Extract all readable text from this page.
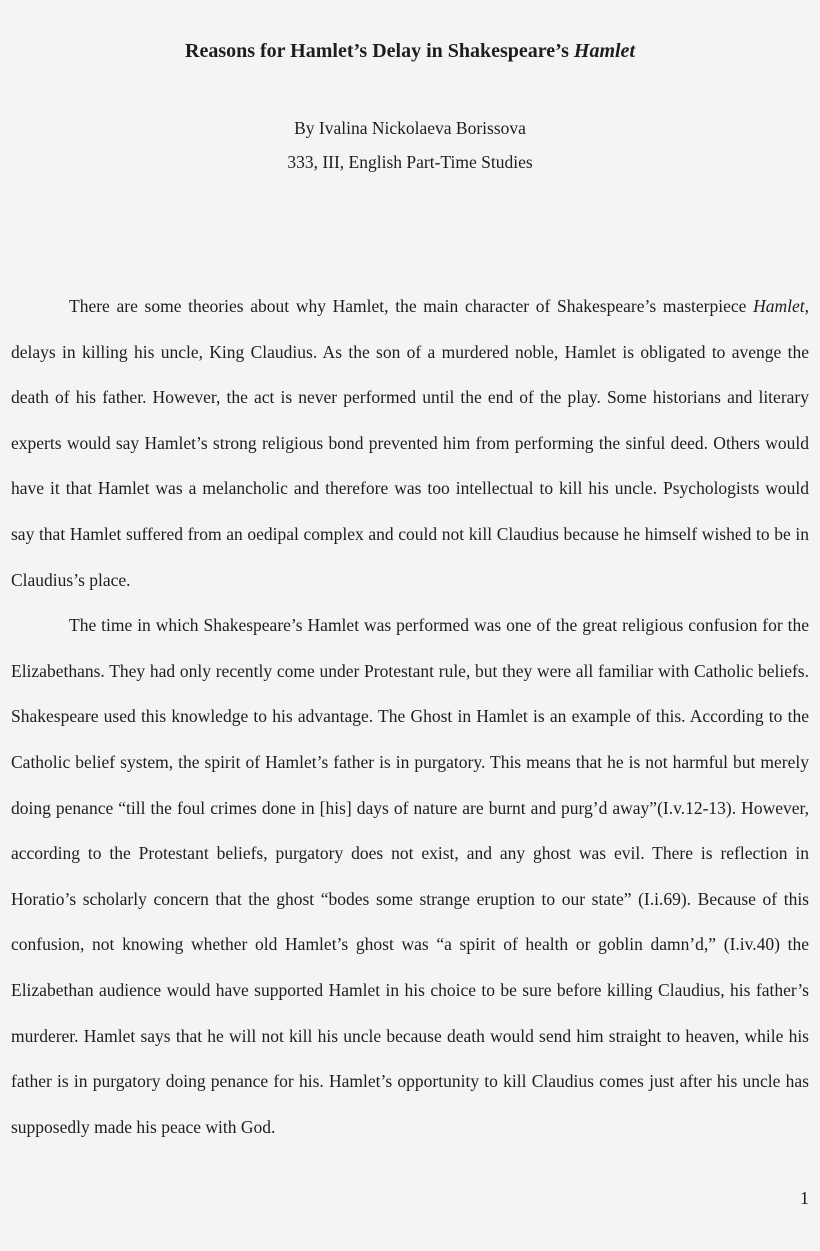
Reasons for Hamlet’s Delay in Shakespeare’s Hamlet
By Ivalina Nickolaeva Borissova
333, III, English Part-Time Studies

There are some theories about why Hamlet, the main character of Shakespeare’s masterpiece Hamlet, delays in killing his uncle, King Claudius. As the son of a murdered noble, Hamlet is obligated to avenge the death of his father. However, the act is never performed until the end of the play. Some historians and literary experts would say Hamlet’s strong religious bond prevented him from performing the sinful deed. Others would have it that Hamlet was a melancholic and therefore was too intellectual to kill his uncle. Psychologists would say that Hamlet suffered from an oedipal complex and could not kill Claudius because he himself wished to be in Claudius’s place.

The time in which Shakespeare’s Hamlet was performed was one of the great religious confusion for the Elizabethans. They had only recently come under Protestant rule, but they were all familiar with Catholic beliefs. Shakespeare used this knowledge to his advantage. The Ghost in Hamlet is an example of this. According to the Catholic belief system, the spirit of Hamlet’s father is in purgatory. This means that he is not harmful but merely doing penance “till the foul crimes done in [his] days of nature are burnt and purg’d away”(I.v.12-13). However, according to the Protestant beliefs, purgatory does not exist, and any ghost was evil. There is reflection in Horatio’s scholarly concern that the ghost “bodes some strange eruption to our state” (I.i.69). Because of this confusion, not knowing whether old Hamlet’s ghost was “a spirit of health or goblin damn’d,” (I.iv.40) the Elizabethan audience would have supported Hamlet in his choice to be sure before killing Claudius, his father’s murderer. Hamlet says that he will not kill his uncle because death would send him straight to heaven, while his father is in purgatory doing penance for his. Hamlet’s opportunity to kill Claudius comes just after his uncle has supposedly made his peace with God.

1
